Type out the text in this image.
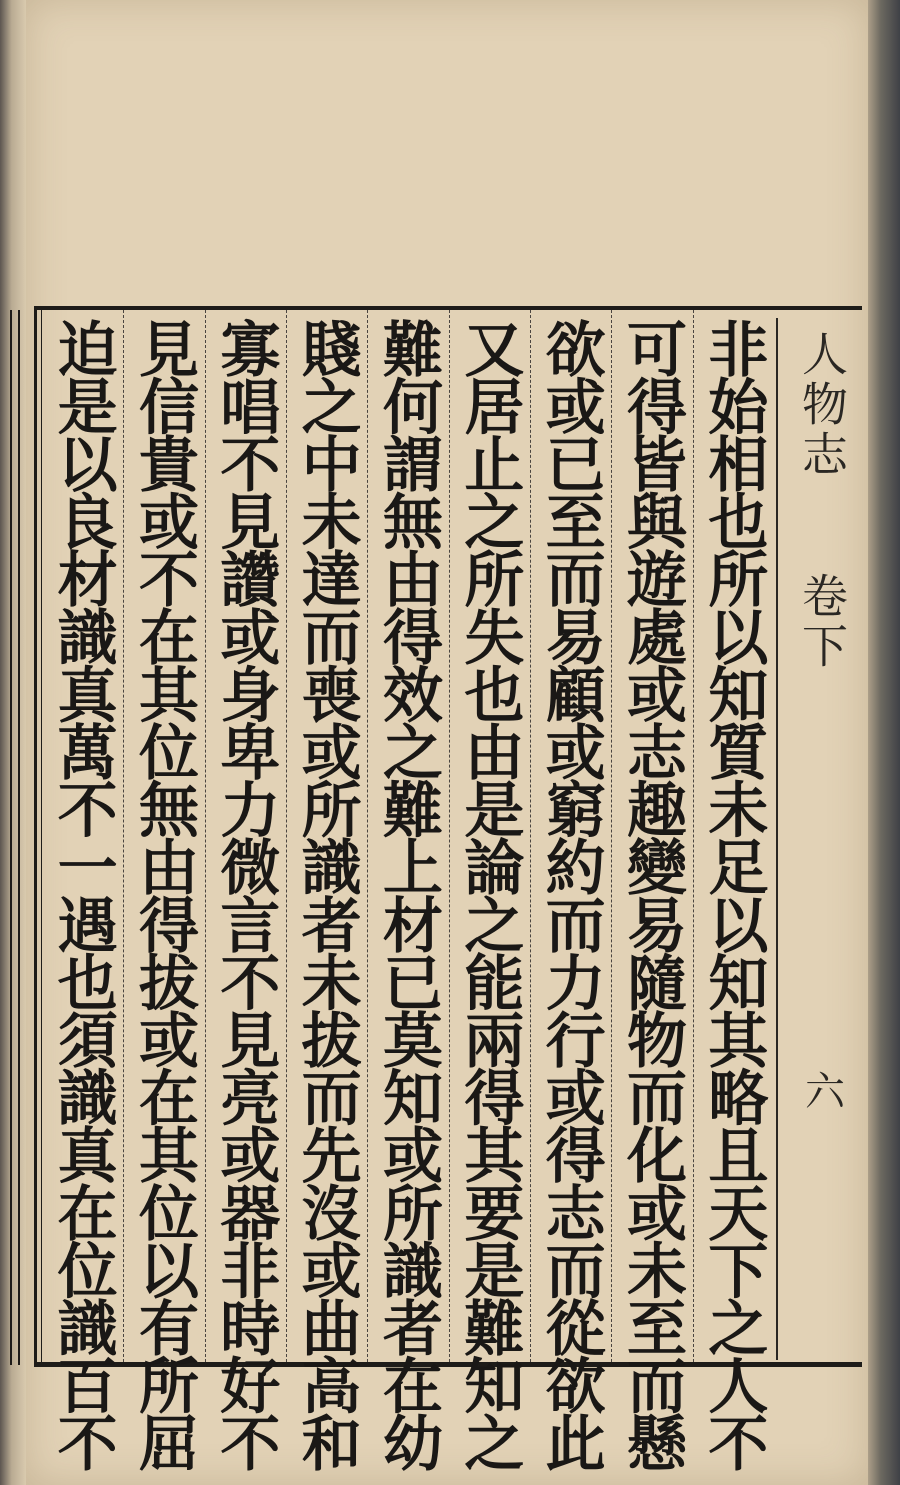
人物志
卷下
六
非始相也所以知質未足以知其略且天下之人不
可得皆與遊處或志趣變易隨物而化或未至而懸
欲或已至而易顧或窮約而力行或得志而從欲此
又居止之所失也由是論之能兩得其要是難知之
難何謂無由得效之難上材已莫知或所識者在幼
賤之中未達而喪或所識者未拔而先沒或曲高和
寡唱不見讚或身卑力微言不見亮或器非時好不
見信貴或不在其位無由得拔或在其位以有所屈
迫是以良材識真萬不一遇也須識真在位識百不
